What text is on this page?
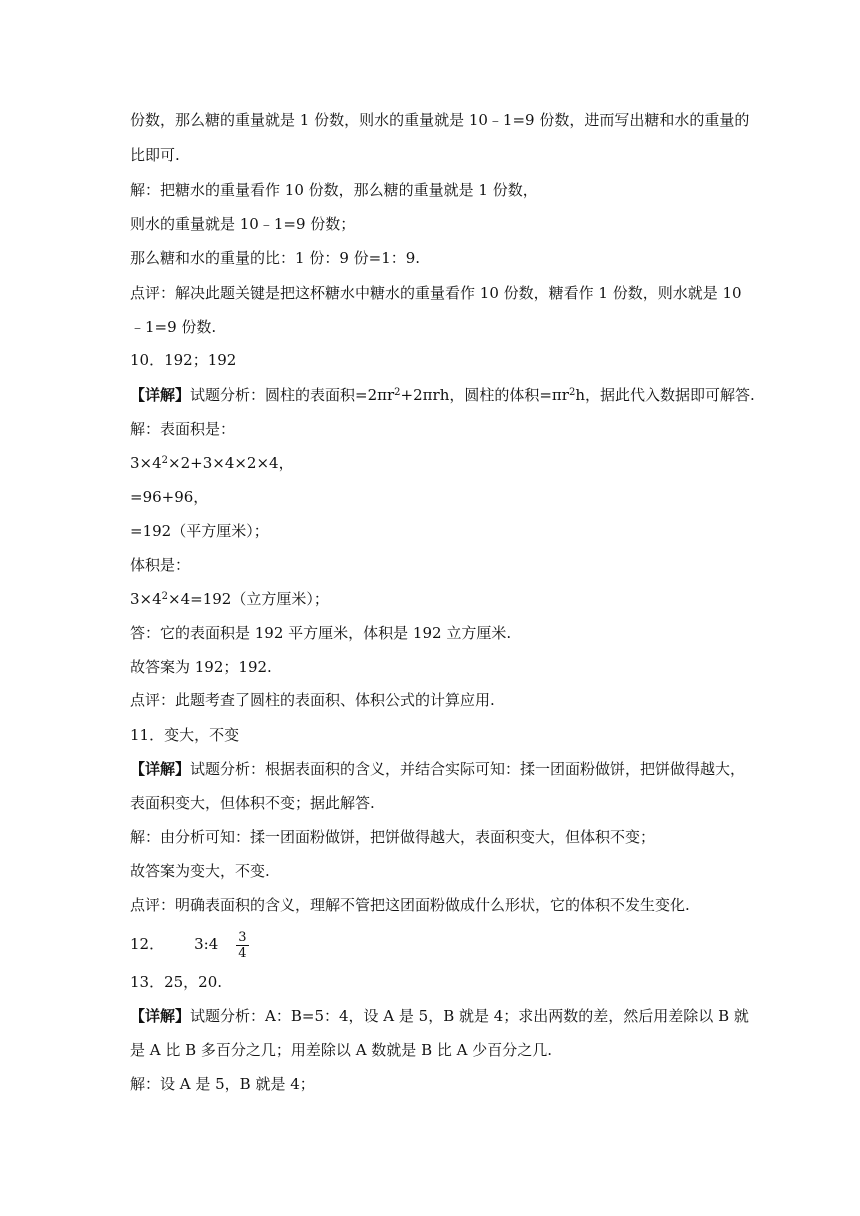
份数，那么糖的重量就是 1 份数，则水的重量就是 10﹣1=9 份数，进而写出糖和水的重量的
比即可.
解：把糖水的重量看作 10 份数，那么糖的重量就是 1 份数，
则水的重量就是 10﹣1=9 份数；
那么糖和水的重量的比：1 份：9 份=1：9.
点评：解决此题关键是把这杯糖水中糖水的重量看作 10 份数，糖看作 1 份数，则水就是 10
﹣1=9 份数.
10．192；192
【详解】试题分析：圆柱的表面积$=2\pi r^2+2\pi rh$，圆柱的体积$=\pi r^2h$，据此代入数据即可解答.
解：表面积是：
$3\times 4^2\times 2+3\times 4\times 2\times 4$，
=96+96，
=192（平方厘米）；
体积是：
$3\times 4^2\times 4=192$（立方厘米）；
答：它的表面积是 192 平方厘米，体积是 192 立方厘米.
故答案为 192；192.
点评：此题考查了圆柱的表面积、体积公式的计算应用.
11．变大，不变
【详解】试题分析：根据表面积的含义，并结合实际可知：揉一团面粉做饼，把饼做得越大，
表面积变大，但体积不变；据此解答.
解：由分析可知：揉一团面粉做饼，把饼做得越大，表面积变大，但体积不变；
故答案为变大，不变.
点评：明确表面积的含义，理解不管把这团面粉做成什么形状，它的体积不发生变化.
12． 3:4 $\frac{3}{4}$
13．25，20.
【详解】试题分析：A：B=5：4，设 A 是 5，B 就是 4；求出两数的差，然后用差除以 B 就
是 A 比 B 多百分之几；用差除以 A 数就是 B 比 A 少百分之几.
解：设 A 是 5，B 就是 4；
